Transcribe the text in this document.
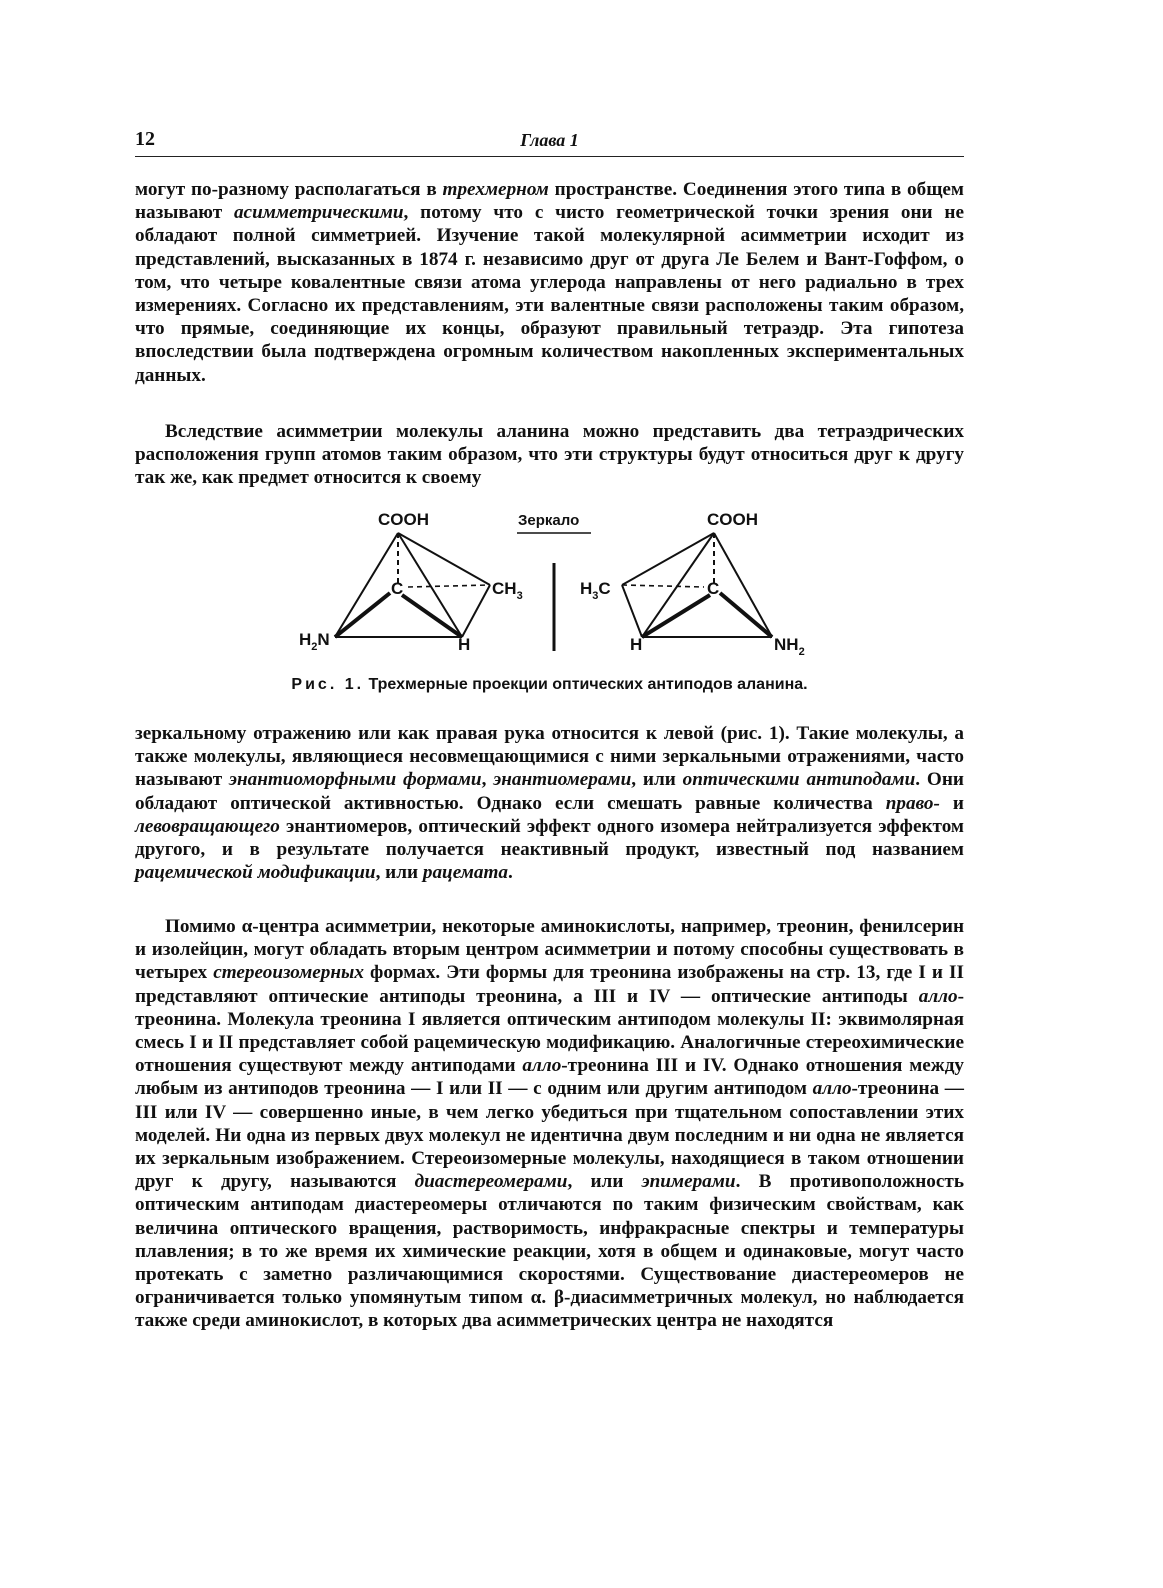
12	Глава 1

могут по-разному располагаться в трехмерном пространстве. Соединения этого типа в общем называют асимметрическими, потому что с чисто геометрической точки зрения они не обладают полной симметрией. Изучение такой молекулярной асимметрии исходит из представлений, высказанных в 1874 г. независимо друг от друга Ле Белем и Вант-Гоффом, о том, что четыре ковалентные связи атома углерода направлены от него радиально в трех измерениях. Согласно их представлениям, эти валентные связи расположены таким образом, что прямые, соединяющие их концы, образуют правильный тетраэдр. Эта гипотеза впоследствии была подтверждена огромным количеством накопленных экспериментальных данных.

Вследствие асимметрии молекулы аланина можно представить два тетраэдрических расположения групп атомов таким образом, что эти структуры будут относиться друг к другу так же, как предмет относится к своему

COOH
C	$CH_3$
$H_2N$	H
Зеркало	COOH
C
$H_3C$
H	$NH_2$
Рис. 1. Трехмерные проекции оптических антиподов аланина.

зеркальному отражению или как правая рука относится к левой (рис. 1). Такие молекулы, а также молекулы, являющиеся несовмещающимися с ними зеркальными отражениями, часто называют энантиоморфными формами, энантиомерами, или оптическими антиподами. Они обладают оптической активностью. Однако если смешать равные количества право- и левовращающего энантиомеров, оптический эффект одного изомера нейтрализуется эффектом другого, и в результате получается неактивный продукт, известный под названием рацемической модификации, или рацемата.

Помимо α-центра асимметрии, некоторые аминокислоты, например, треонин, фенилсерин и изолейцин, могут обладать вторым центром асимметрии и потому способны существовать в четырех стереоизомерных формах. Эти формы для треонина изображены на стр. 13, где I и II представляют оптические антиподы треонина, а III и IV — оптические антиподы алло-треонина. Молекула треонина I является оптическим антиподом молекулы II: эквимолярная смесь I и II представляет собой рацемическую модификацию. Аналогичные стереохимические отношения существуют между антиподами алло-треонина III и IV. Однако отношения между любым из антиподов треонина — I или II — с одним или другим антиподом алло-треонина — III или IV — совершенно иные, в чем легко убедиться при тщательном сопоставлении этих моделей. Ни одна из первых двух молекул не идентична двум последним и ни одна не является их зеркальным изображением. Стереоизомерные молекулы, находящиеся в таком отношении друг к другу, называются диастереомерами, или эпимерами. В противоположность оптическим антиподам диастереомеры отличаются по таким физическим свойствам, как величина оптического вращения, растворимость, инфракрасные спектры и температуры плавления; в то же время их химические реакции, хотя в общем и одинаковые, могут часто протекать с заметно различающимися скоростями. Существование диастереомеров не ограничивается только упомянутым типом α. β-диасимметричных молекул, но наблюдается также среди аминокислот, в которых два асимметрических центра не находятся
